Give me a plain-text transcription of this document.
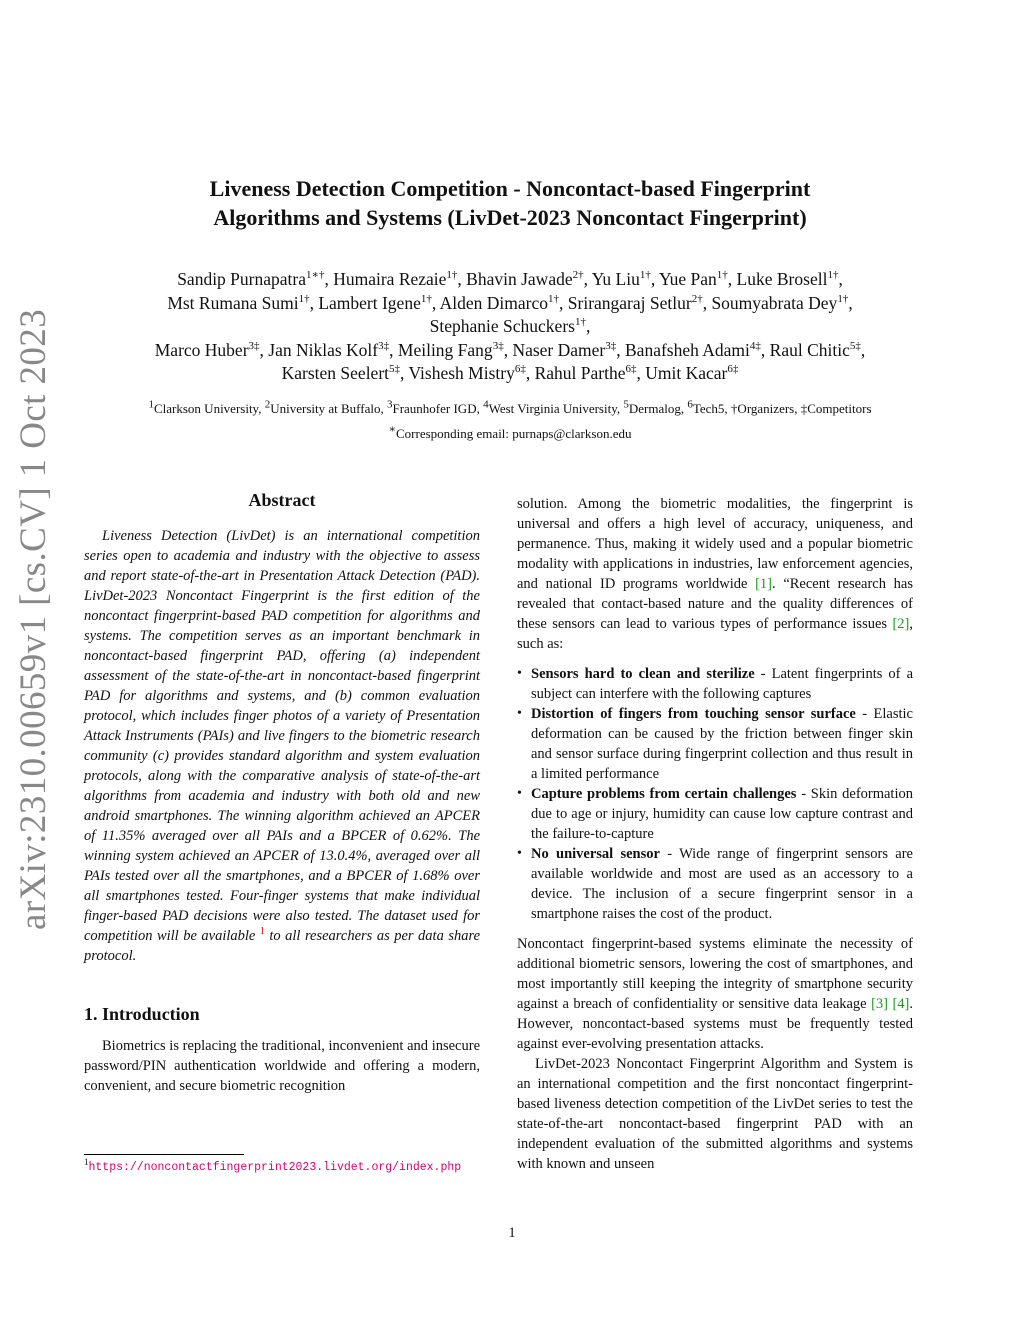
arXiv:2310.00659v1 [cs.CV] 1 Oct 2023
Liveness Detection Competition - Noncontact-based Fingerprint
Algorithms and Systems (LivDet-2023 Noncontact Fingerprint)
Sandip Purnapatra$^{1∗\dagger}$, Humaira Rezaie$^{1\dagger}$, Bhavin Jawade$^{2\dagger}$, Yu Liu$^{1\dagger}$, Yue Pan$^{1\dagger}$, Luke Brosell$^{1\dagger}$,
Mst Rumana Sumi$^{1\dagger}$, Lambert Igene$^{1\dagger}$, Alden Dimarco$^{1\dagger}$, Srirangaraj Setlur$^{2\dagger}$, Soumyabrata Dey$^{1\dagger}$,
Stephanie Schuckers$^{1\dagger}$,
Marco Huber$^{3\ddagger}$, Jan Niklas Kolf$^{3\ddagger}$, Meiling Fang$^{3\ddagger}$, Naser Damer$^{3\ddagger}$, Banafsheh Adami$^{4\ddagger}$, Raul Chitic$^{5\ddagger}$,
Karsten Seelert$^{5\ddagger}$, Vishesh Mistry$^{6\ddagger}$, Rahul Parthe$^{6\ddagger}$, Umit Kacar$^{6\ddagger}$
$^1$Clarkson University, $^2$University at Buffalo, $^3$Fraunhofer IGD, $^4$West Virginia University, $^5$Dermalog, $^6$Tech5, †Organizers, ‡Competitors
∗Corresponding email: purnaps@clarkson.edu
Abstract

Liveness Detection (LivDet) is an international competition series open to academia and industry with the objective to assess and report state-of-the-art in Presentation Attack Detection (PAD). LivDet-2023 Noncontact Fingerprint is the first edition of the noncontact fingerprint-based PAD competition for algorithms and systems. The competition serves as an important benchmark in noncontact-based fingerprint PAD, offering (a) independent assessment of the state-of-the-art in noncontact-based fingerprint PAD for algorithms and systems, and (b) common evaluation protocol, which includes finger photos of a variety of Presentation Attack Instruments (PAIs) and live fingers to the biometric research community (c) provides standard algorithm and system evaluation protocols, along with the comparative analysis of state-of-the-art algorithms from academia and industry with both old and new android smartphones. The winning algorithm achieved an APCER of 11.35% averaged over all PAIs and a BPCER of 0.62%. The winning system achieved an APCER of 13.0.4%, averaged over all PAIs tested over all the smartphones, and a BPCER of 1.68% over all smartphones tested. Four-finger systems that make individual finger-based PAD decisions were also tested. The dataset used for competition will be available $^1$ to all researchers as per data share protocol.

1. Introduction

Biometrics is replacing the traditional, inconvenient and insecure password/PIN authentication worldwide and offering a modern, convenient, and secure biometric recognition

$^1$https://noncontactfingerprint2023.livdet.org/index.php

solution. Among the biometric modalities, the fingerprint is universal and offers a high level of accuracy, uniqueness, and permanence. Thus, making it widely used and a popular biometric modality with applications in industries, law enforcement agencies, and national ID programs worldwide [1]. “Recent research has revealed that contact-based nature and the quality differences of these sensors can lead to various types of performance issues [2], such as:

• Sensors hard to clean and sterilize - Latent fingerprints of a subject can interfere with the following captures
• Distortion of fingers from touching sensor surface - Elastic deformation can be caused by the friction between finger skin and sensor surface during fingerprint collection and thus result in a limited performance
• Capture problems from certain challenges - Skin deformation due to age or injury, humidity can cause low capture contrast and the failure-to-capture
• No universal sensor - Wide range of fingerprint sensors are available worldwide and most are used as an accessory to a device. The inclusion of a secure fingerprint sensor in a smartphone raises the cost of the product.

Noncontact fingerprint-based systems eliminate the necessity of additional biometric sensors, lowering the cost of smartphones, and most importantly still keeping the integrity of smartphone security against a breach of confidentiality or sensitive data leakage [3] [4]. However, noncontact-based systems must be frequently tested against ever-evolving presentation attacks.

LivDet-2023 Noncontact Fingerprint Algorithm and System is an international competition and the first noncontact fingerprint-based liveness detection competition of the LivDet series to test the state-of-the-art noncontact-based fingerprint PAD with an independent evaluation of the submitted algorithms and systems with known and unseen

1
